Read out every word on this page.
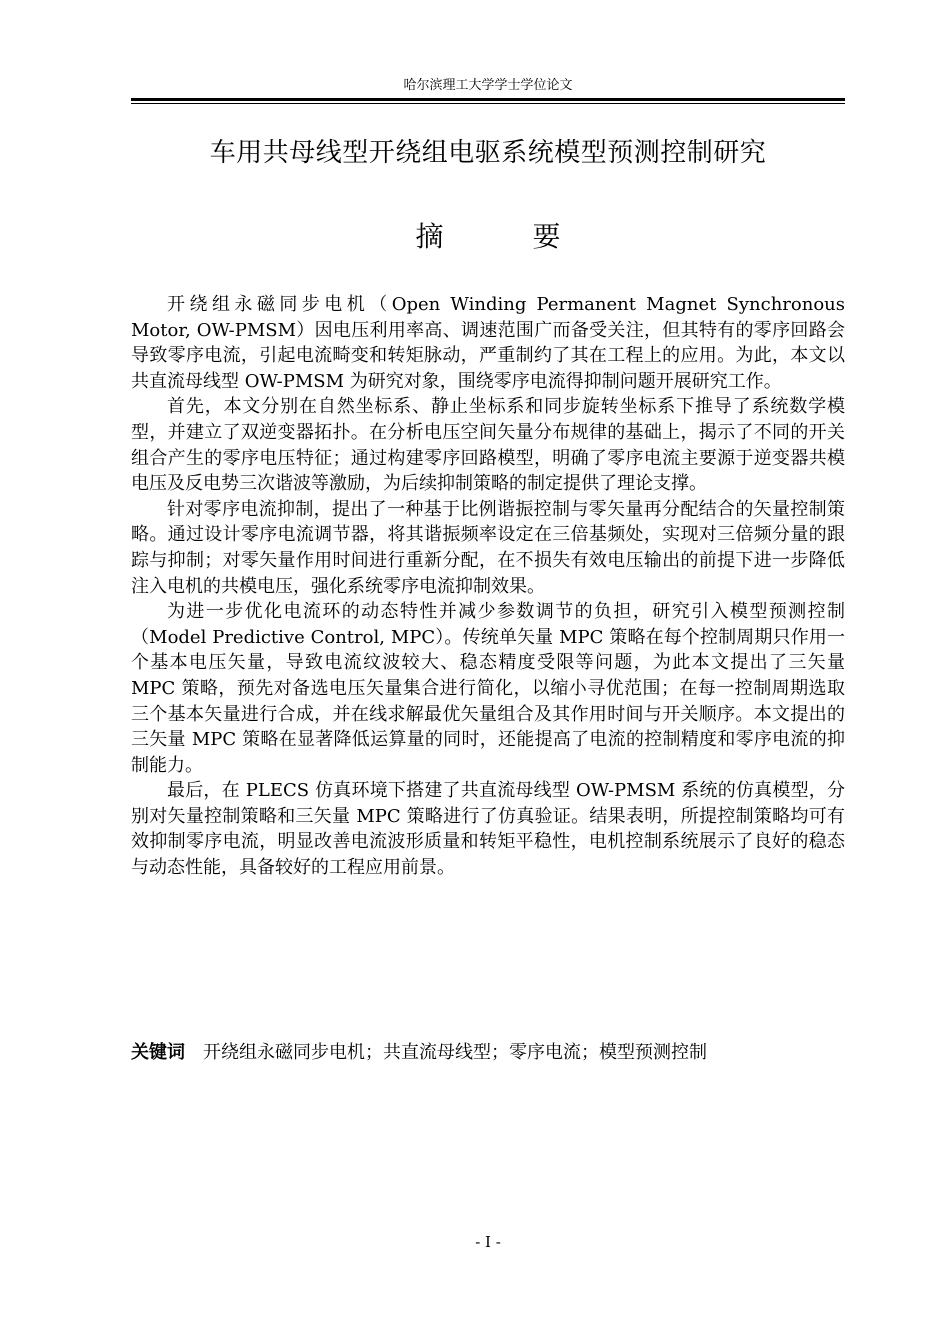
哈尔滨理工大学学士学位论文
车用共母线型开绕组电驱系统模型预测控制研究
摘 要

开绕组永磁同步电机（Open Winding Permanent Magnet Synchronous Motor, OW-PMSM）因电压利用率高、调速范围广而备受关注，但其特有的零序回路会导致零序电流，引起电流畸变和转矩脉动，严重制约了其在工程上的应用。为此，本文以共直流母线型 OW-PMSM 为研究对象，围绕零序电流得抑制问题开展研究工作。

首先，本文分别在自然坐标系、静止坐标系和同步旋转坐标系下推导了系统数学模型，并建立了双逆变器拓扑。在分析电压空间矢量分布规律的基础上，揭示了不同的开关组合产生的零序电压特征；通过构建零序回路模型，明确了零序电流主要源于逆变器共模电压及反电势三次谐波等激励，为后续抑制策略的制定提供了理论支撑。

针对零序电流抑制，提出了一种基于比例谐振控制与零矢量再分配结合的矢量控制策略。通过设计零序电流调节器，将其谐振频率设定在三倍基频处，实现对三倍频分量的跟踪与抑制；对零矢量作用时间进行重新分配，在不损失有效电压输出的前提下进一步降低注入电机的共模电压，强化系统零序电流抑制效果。

为进一步优化电流环的动态特性并减少参数调节的负担，研究引入模型预测控制（Model Predictive Control, MPC）。传统单矢量 MPC 策略在每个控制周期只作用一个基本电压矢量，导致电流纹波较大、稳态精度受限等问题，为此本文提出了三矢量 MPC 策略，预先对备选电压矢量集合进行简化，以缩小寻优范围；在每一控制周期选取三个基本矢量进行合成，并在线求解最优矢量组合及其作用时间与开关顺序。本文提出的三矢量 MPC 策略在显著降低运算量的同时，还能提高了电流的控制精度和零序电流的抑制能力。

最后，在 PLECS 仿真环境下搭建了共直流母线型 OW-PMSM 系统的仿真模型，分别对矢量控制策略和三矢量 MPC 策略进行了仿真验证。结果表明，所提控制策略均可有效抑制零序电流，明显改善电流波形质量和转矩平稳性，电机控制系统展示了良好的稳态与动态性能，具备较好的工程应用前景。

关键词 开绕组永磁同步电机；共直流母线型；零序电流；模型预测控制
- I -
